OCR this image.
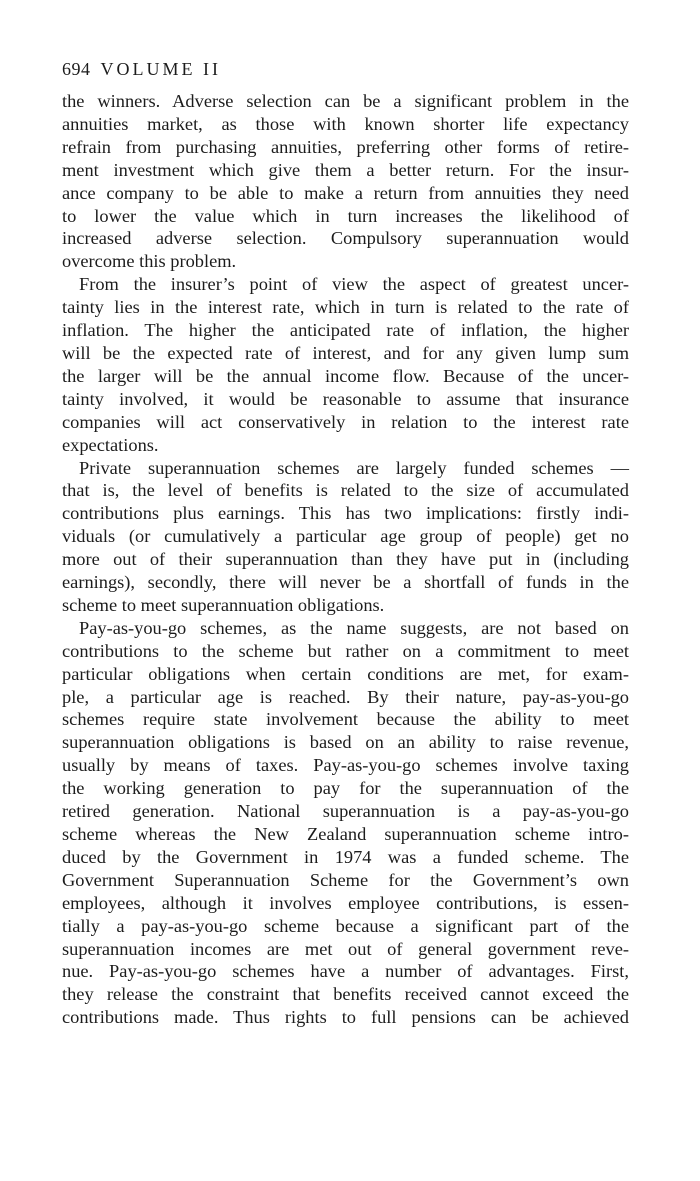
694 VOLUME II

the winners. Adverse selection can be a significant problem in the
annuities market, as those with known shorter life expectancy
refrain from purchasing annuities, preferring other forms of retire-
ment investment which give them a better return. For the insur-
ance company to be able to make a return from annuities they need
to lower the value which in turn increases the likelihood of
increased adverse selection. Compulsory superannuation would
overcome this problem.

From the insurer’s point of view the aspect of greatest uncer-
tainty lies in the interest rate, which in turn is related to the rate of
inflation. The higher the anticipated rate of inflation, the higher
will be the expected rate of interest, and for any given lump sum
the larger will be the annual income flow. Because of the uncer-
tainty involved, it would be reasonable to assume that insurance
companies will act conservatively in relation to the interest rate
expectations.

Private superannuation schemes are largely funded schemes —
that is, the level of benefits is related to the size of accumulated
contributions plus earnings. This has two implications: firstly indi-
viduals (or cumulatively a particular age group of people) get no
more out of their superannuation than they have put in (including
earnings), secondly, there will never be a shortfall of funds in the
scheme to meet superannuation obligations.

Pay-as-you-go schemes, as the name suggests, are not based on
contributions to the scheme but rather on a commitment to meet
particular obligations when certain conditions are met, for exam-
ple, a particular age is reached. By their nature, pay-as-you-go
schemes require state involvement because the ability to meet
superannuation obligations is based on an ability to raise revenue,
usually by means of taxes. Pay-as-you-go schemes involve taxing
the working generation to pay for the superannuation of the
retired generation. National superannuation is a pay-as-you-go
scheme whereas the New Zealand superannuation scheme intro-
duced by the Government in 1974 was a funded scheme. The
Government Superannuation Scheme for the Government’s own
employees, although it involves employee contributions, is essen-
tially a pay-as-you-go scheme because a significant part of the
superannuation incomes are met out of general government reve-
nue. Pay-as-you-go schemes have a number of advantages. First,
they release the constraint that benefits received cannot exceed the
contributions made. Thus rights to full pensions can be achieved
